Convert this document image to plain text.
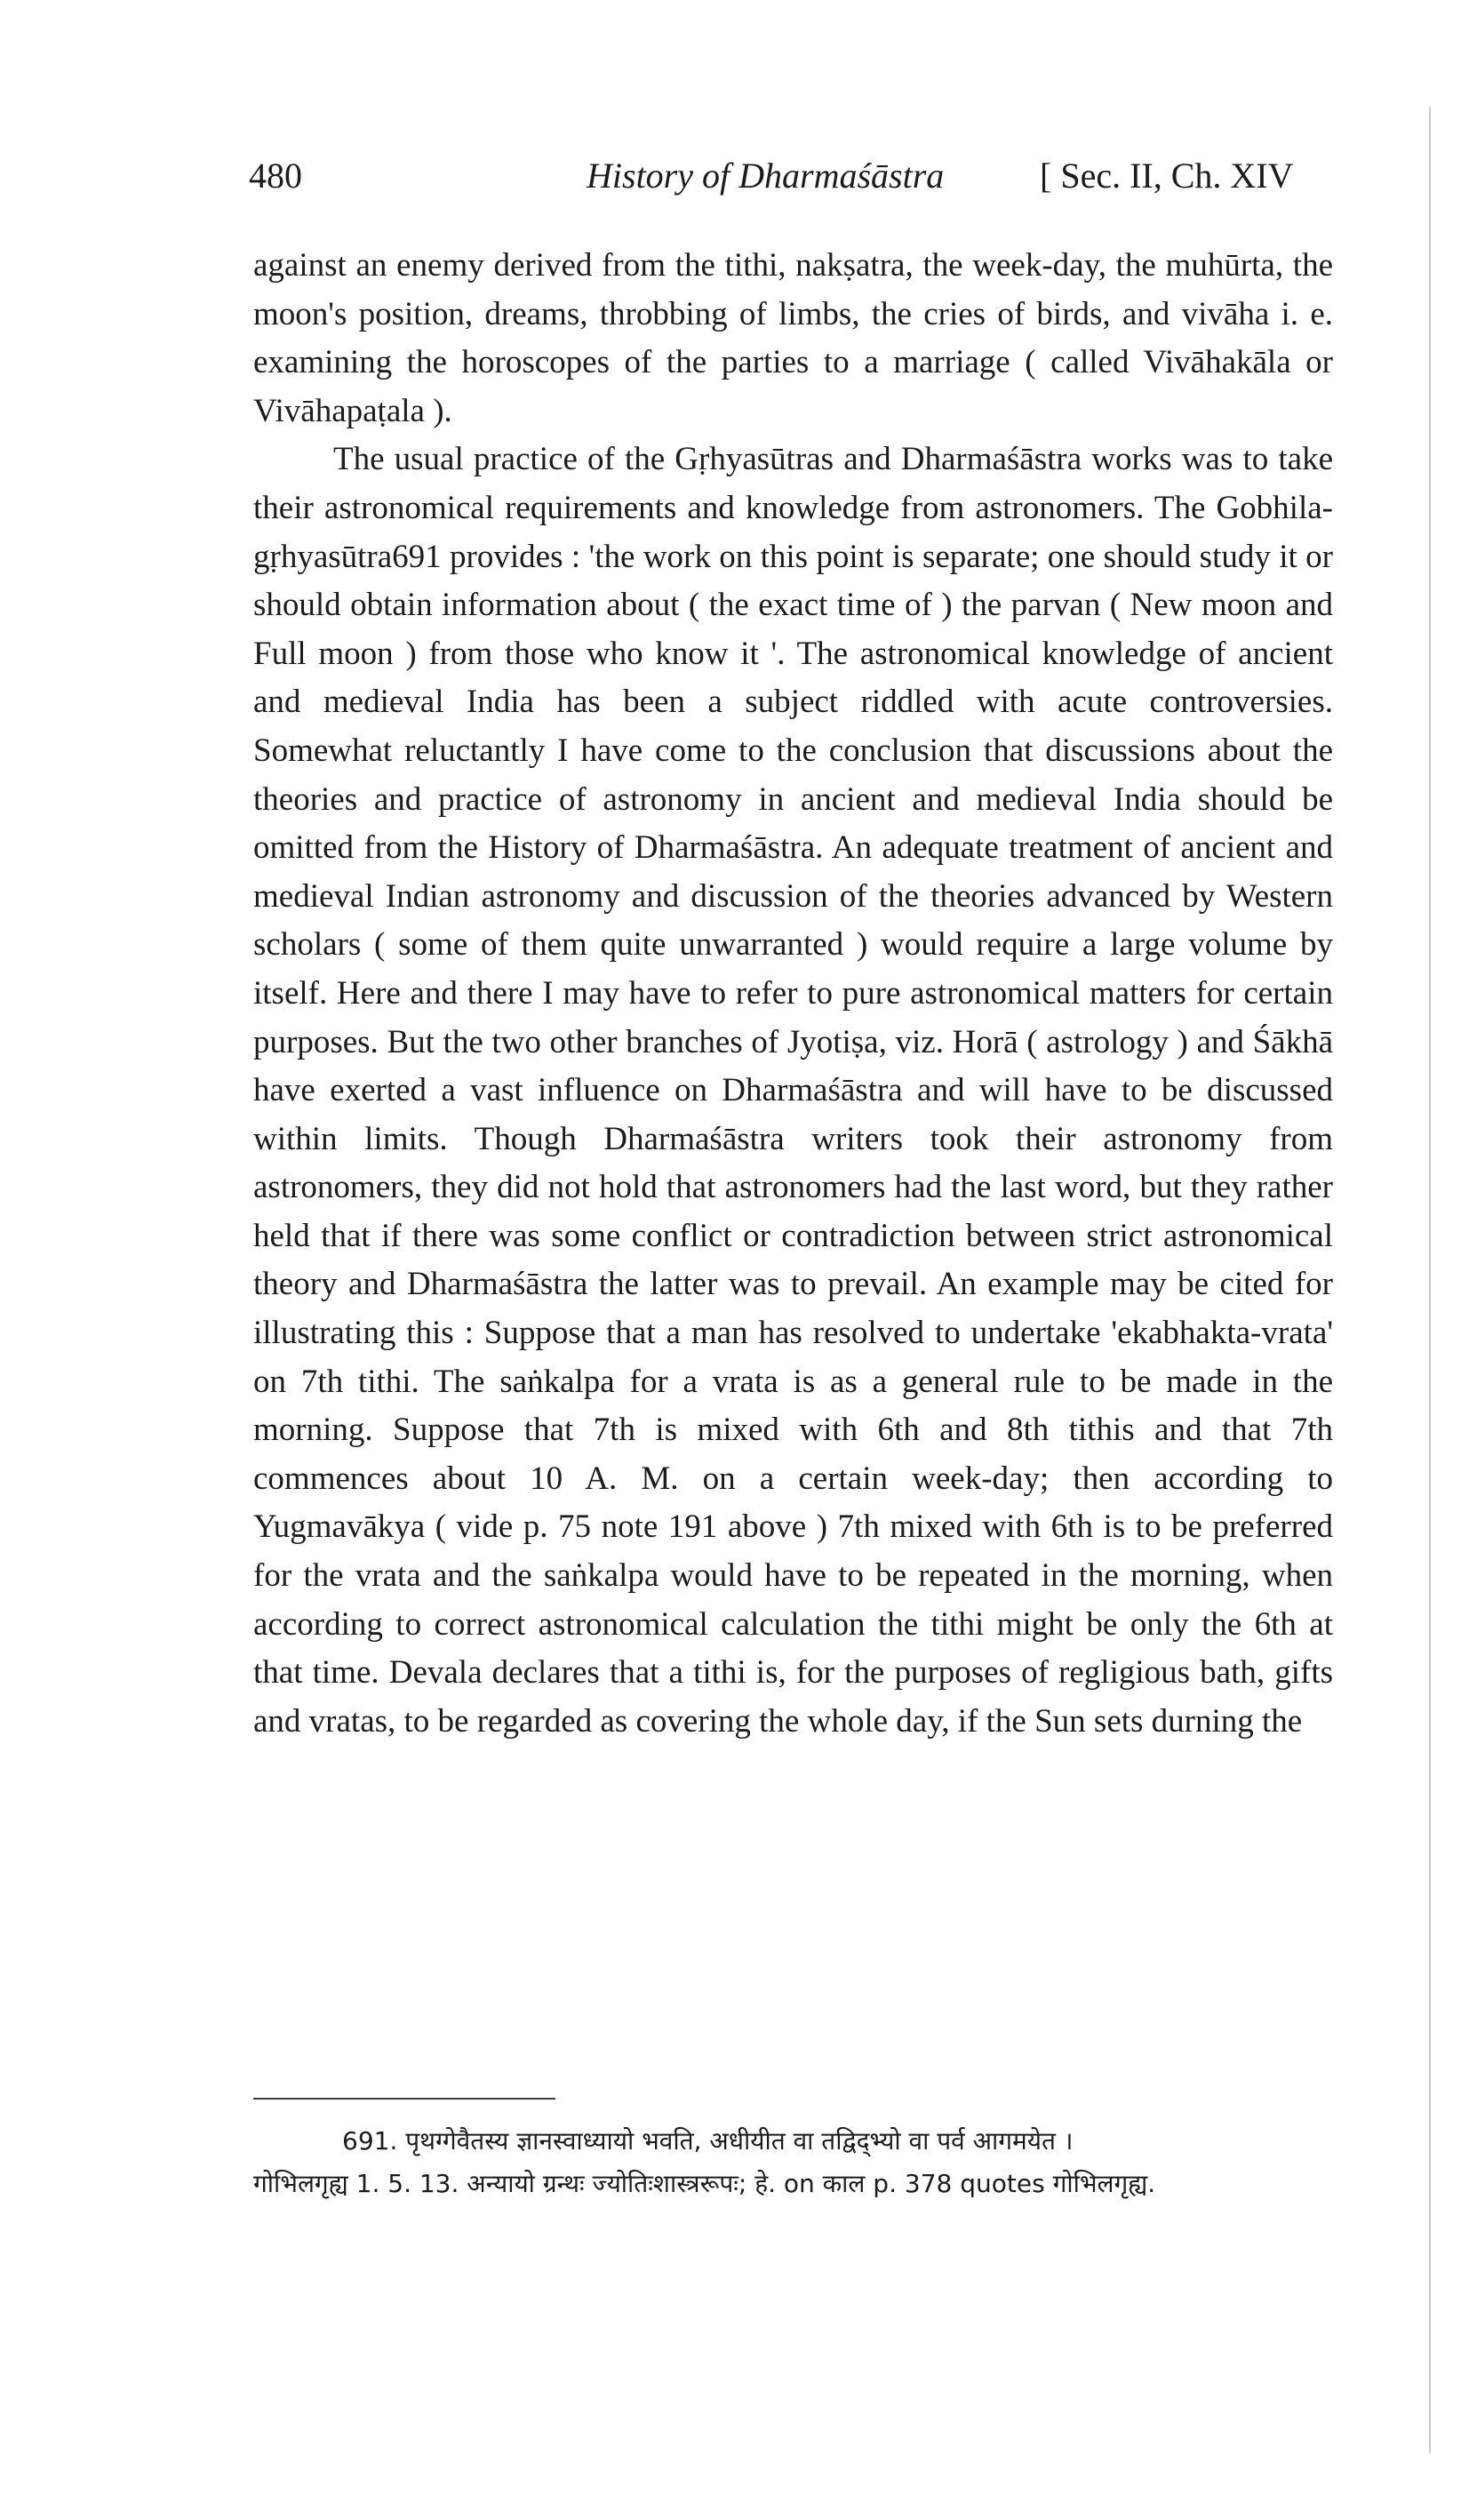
480	History of Dharmaśāstra	[ Sec. II, Ch. XIV

against an enemy derived from the tithi, nakṣatra, the week-day, the muhūrta, the moon's position, dreams, throbbing of limbs, the cries of birds, and vivāha i. e. examining the horoscopes of the parties to a marriage ( called Vivāhakāla or Vivāhapaṭala ).

The usual practice of the Gṛhyasūtras and Dharmaśāstra works was to take their astronomical requirements and knowledge from astronomers. The Gobhila-gṛhyasūtra691 provides : 'the work on this point is separate; one should study it or should obtain information about ( the exact time of ) the parvan ( New moon and Full moon ) from those who know it '. The astronomical knowledge of ancient and medieval India has been a subject riddled with acute controversies. Somewhat reluctantly I have come to the conclusion that discussions about the theories and practice of astronomy in ancient and medieval India should be omitted from the History of Dharmaśāstra. An adequate treatment of ancient and medieval Indian astronomy and discussion of the theories advanced by Western scholars ( some of them quite unwarranted ) would require a large volume by itself. Here and there I may have to refer to pure astronomical matters for certain purposes. But the two other branches of Jyotiṣa, viz. Horā ( astrology ) and Śākhā have exerted a vast influence on Dharmaśāstra and will have to be discussed within limits. Though Dharmaśāstra writers took their astronomy from astronomers, they did not hold that astronomers had the last word, but they rather held that if there was some conflict or contradiction between strict astronomical theory and Dharmaśāstra the latter was to prevail. An example may be cited for illustrating this : Suppose that a man has resolved to undertake 'ekabhakta-vrata' on 7th tithi. The saṅkalpa for a vrata is as a general rule to be made in the morning. Suppose that 7th is mixed with 6th and 8th tithis and that 7th commences about 10 A. M. on a certain week-day; then according to Yugmavākya ( vide p. 75 note 191 above ) 7th mixed with 6th is to be preferred for the vrata and the saṅkalpa would have to be repeated in the morning, when according to correct astronomical calculation the tithi might be only the 6th at that time. Devala declares that a tithi is, for the purposes of regligious bath, gifts and vratas, to be regarded as covering the whole day, if the Sun sets durning the

691. पृथग्गेवैतस्य ज्ञानस्वाध्यायो भवति, अधीयीत वा तद्विद्भ्यो वा पर्व आगमयेत ।

गोभिलगृह्य 1. 5. 13. अन्यायो ग्रन्थः ज्योतिःशास्त्ररूपः; हे. on काल p. 378 quotes गोभिलगृह्य.
